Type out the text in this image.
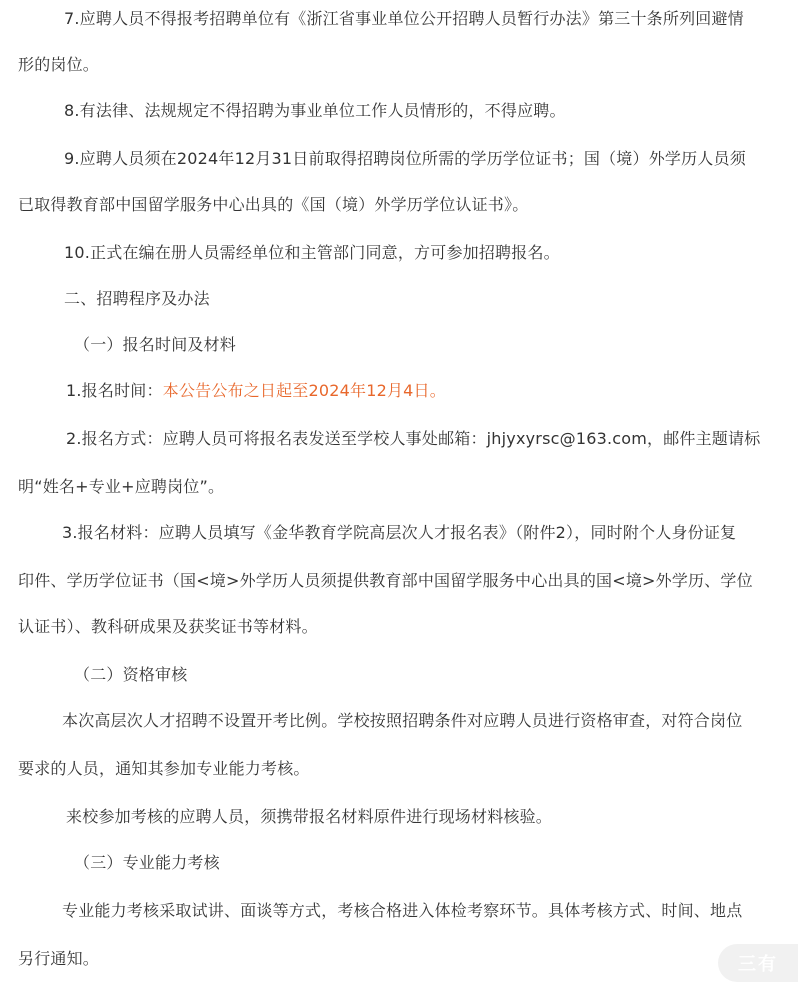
7.应聘人员不得报考招聘单位有《浙江省事业单位公开招聘人员暂行办法》第三十条所列回避情
形的岗位。
8.有法律、法规规定不得招聘为事业单位工作人员情形的，不得应聘。
9.应聘人员须在2024年12月31日前取得招聘岗位所需的学历学位证书；国（境）外学历人员须
已取得教育部中国留学服务中心出具的《国（境）外学历学位认证书》。
10.正式在编在册人员需经单位和主管部门同意，方可参加招聘报名。
二、招聘程序及办法
（一）报名时间及材料
1.报名时间：本公告公布之日起至2024年12月4日。
2.报名方式：应聘人员可将报名表发送至学校人事处邮箱：jhjyxyrsc@163.com，邮件主题请标
明“姓名+专业+应聘岗位”。
3.报名材料：应聘人员填写《金华教育学院高层次人才报名表》（附件2），同时附个人身份证复
印件、学历学位证书（国<境>外学历人员须提供教育部中国留学服务中心出具的国<境>外学历、学位
认证书）、教科研成果及获奖证书等材料。
（二）资格审核
本次高层次人才招聘不设置开考比例。学校按照招聘条件对应聘人员进行资格审查，对符合岗位
要求的人员，通知其参加专业能力考核。
来校参加考核的应聘人员，须携带报名材料原件进行现场材料核验。
（三）专业能力考核
专业能力考核采取试讲、面谈等方式，考核合格进入体检考察环节。具体考核方式、时间、地点
另行通知。	三有
